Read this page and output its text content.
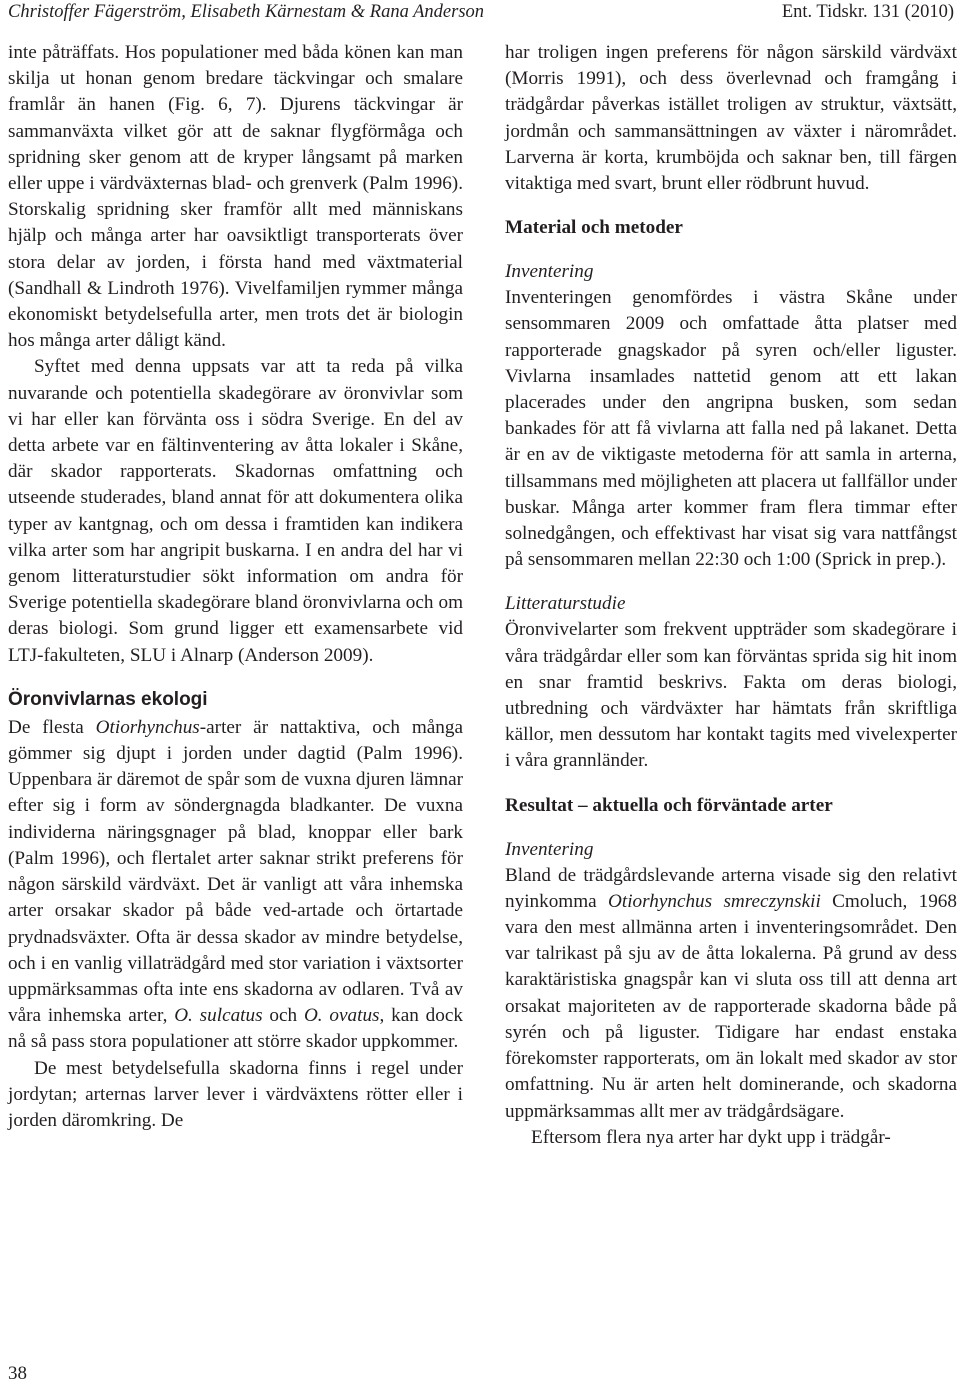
Christoffer Fägerström, Elisabeth Kärnestam & Rana Anderson	Ent. Tidskr. 131 (2010)

inte påträffats. Hos populationer med båda könen kan man skilja ut honan genom bredare täckvingar och smalare framlår än hanen (Fig. 6, 7). Djurens täckvingar är sammanväxta vilket gör att de saknar flygförmåga och spridning sker genom att de kryper långsamt på marken eller uppe i värdväxternas blad- och grenverk (Palm 1996). Storskalig spridning sker framför allt med människans hjälp och många arter har oavsiktligt transporterats över stora delar av jorden, i första hand med växtmaterial (Sandhall & Lindroth 1976). Vivelfamiljen rymmer många ekonomiskt betydelsefulla arter, men trots det är biologin hos många arter dåligt känd.

Syftet med denna uppsats var att ta reda på vilka nuvarande och potentiella skadegörare av öronvivlar som vi har eller kan förvänta oss i södra Sverige. En del av detta arbete var en fältinventering av åtta lokaler i Skåne, där skador rapporterats. Skadornas omfattning och utseende studerades, bland annat för att dokumentera olika typer av kantgnag, och om dessa i framtiden kan indikera vilka arter som har angripit buskarna. I en andra del har vi genom litteraturstudier sökt information om andra för Sverige potentiella skadegörare bland öronvivlarna och om deras biologi. Som grund ligger ett examensarbete vid LTJ-fakulteten, SLU i Alnarp (Anderson 2009).

Öronvivlarnas ekologi

De flesta Otiorhynchus-arter är nattaktiva, och många gömmer sig djupt i jorden under dagtid (Palm 1996). Uppenbara är däremot de spår som de vuxna djuren lämnar efter sig i form av söndergnagda bladkanter. De vuxna individerna näringsgnager på blad, knoppar eller bark (Palm 1996), och flertalet arter saknar strikt preferens för någon särskild värdväxt. Det är vanligt att våra inhemska arter orsakar skador på både ved-artade och örtartade prydnadsväxter. Ofta är dessa skador av mindre betydelse, och i en vanlig villaträdgård med stor variation i växtsorter uppmärksammas ofta inte ens skadorna av odlaren. Två av våra inhemska arter, O. sulcatus och O. ovatus, kan dock nå så pass stora populationer att större skador uppkommer.

De mest betydelsefulla skadorna finns i regel under jordytan; arternas larver lever i värdväxtens rötter eller i jorden däromkring. De

har troligen ingen preferens för någon särskild värdväxt (Morris 1991), och dess överlevnad och framgång i trädgårdar påverkas istället troligen av struktur, växtsätt, jordmån och sammansättningen av växter i närområdet. Larverna är korta, krumböjda och saknar ben, till färgen vitaktiga med svart, brunt eller rödbrunt huvud.

Material och metoder
Inventering

Inventeringen genomfördes i västra Skåne under sensommaren 2009 och omfattade åtta platser med rapporterade gnagskador på syren och/eller liguster. Vivlarna insamlades nattetid genom att ett lakan placerades under den angripna busken, som sedan bankades för att få vivlarna att falla ned på lakanet. Detta är en av de viktigaste metoderna för att samla in arterna, tillsammans med möjligheten att placera ut fallfällor under buskar. Många arter kommer fram flera timmar efter solnedgången, och effektivast har visat sig vara nattfångst på sensommaren mellan 22:30 och 1:00 (Sprick in prep.).

Litteraturstudie

Öronvivelarter som frekvent uppträder som skadegörare i våra trädgårdar eller som kan förväntas sprida sig hit inom en snar framtid beskrivs. Fakta om deras biologi, utbredning och värdväxter har hämtats från skriftliga källor, men dessutom har kontakt tagits med vivelexperter i våra grannländer.

Resultat – aktuella och förväntade arter
Inventering

Bland de trädgårdslevande arterna visade sig den relativt nyinkomma Otiorhynchus smreczynskii Cmoluch, 1968 vara den mest allmänna arten i inventeringsområdet. Den var talrikast på sju av de åtta lokalerna. På grund av dess karaktäristiska gnagspår kan vi sluta oss till att denna art orsakat majoriteten av de rapporterade skadorna både på syrén och på liguster. Tidigare har endast enstaka förekomster rapporterats, om än lokalt med skador av stor omfattning. Nu är arten helt dominerande, och skadorna uppmärksammas allt mer av trädgårdsägare.

Eftersom flera nya arter har dykt upp i trädgår-

38
